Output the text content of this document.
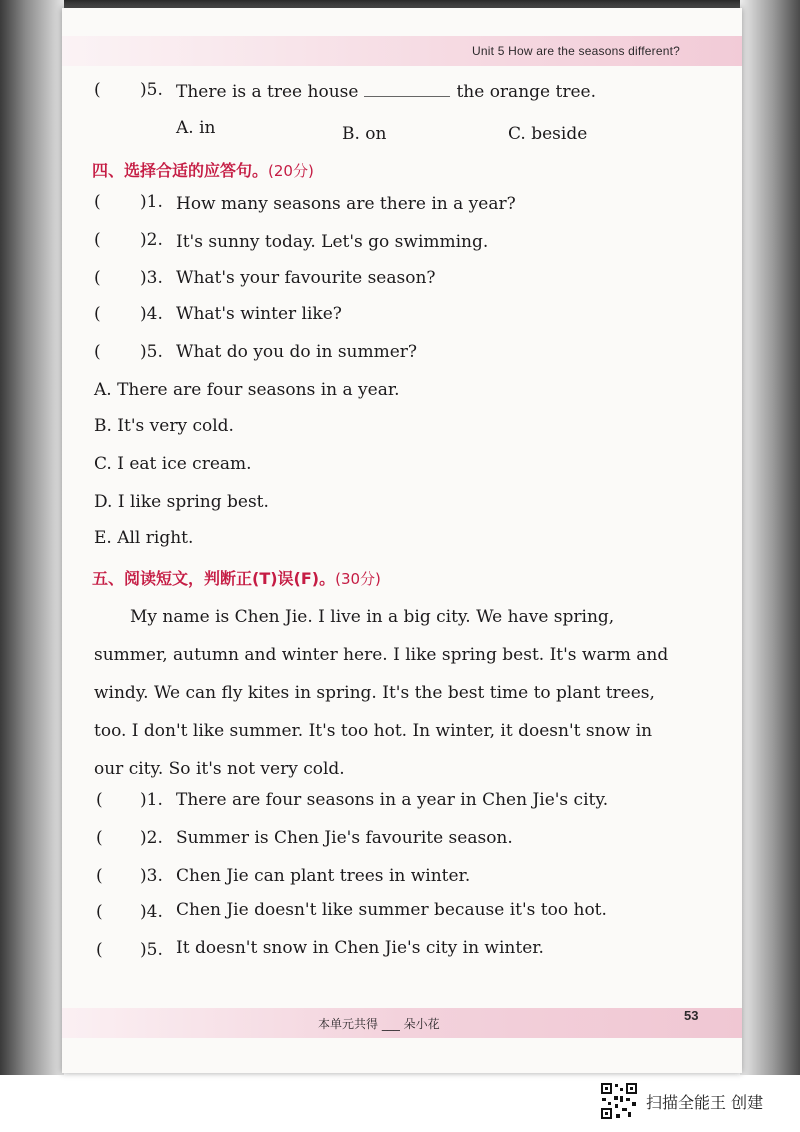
Unit 5 How are the seasons different?
( )5. There is a tree house	the orange tree.
A. in	B. on	C. beside
四、选择合适的应答句。(20分)
( )1. How many seasons are there in a year?
( )2. It's sunny today. Let's go swimming.
( )3. What's your favourite season?
( )4. What's winter like?
( )5. What do you do in summer?
A. There are four seasons in a year.
B. It's very cold.
C. I eat ice cream.
D. I like spring best.
E. All right.
五、阅读短文，判断正(T)误(F)。(30分)
My name is Chen Jie. I live in a big city. We have spring,
summer, autumn and winter here. I like spring best. It's warm and
windy. We can fly kites in spring. It's the best time to plant trees,
too. I don't like summer. It's too hot. In winter, it doesn't snow in
our city. So it's not very cold.
( )1. There are four seasons in a year in Chen Jie's city.
( )2. Summer is Chen Jie's favourite season.
( )3. Chen Jie can plant trees in winter.
( )4. Chen Jie doesn't like summer because it's too hot.
( )5. It doesn't snow in Chen Jie's city in winter.
本单元共得 ___ 朵小花
53
扫描全能王 创建
